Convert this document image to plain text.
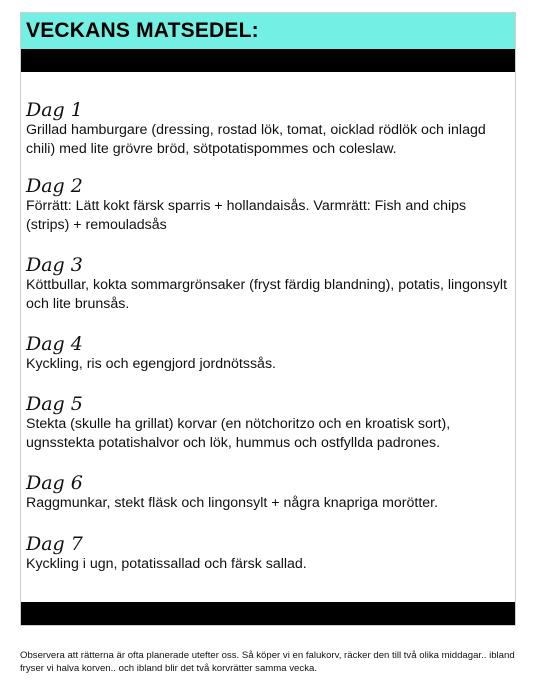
VECKANS MATSEDEL:
Dag 1
Grillad hamburgare (dressing, rostad lök, tomat, oicklad rödlök och inlagd chili) med lite grövre bröd, sötpotatispommes och coleslaw.
Dag 2
Förrätt: Lätt kokt färsk sparris + hollandaisås. Varmrätt: Fish and chips (strips) + remouladsås
Dag 3
Köttbullar, kokta sommargrönsaker (fryst färdig blandning), potatis, lingonsylt och lite brunsås.
Dag 4
Kyckling, ris och egengjord jordnötssås.
Dag 5
Stekta (skulle ha grillat) korvar (en nötchoritzo och en kroatisk sort), ugnsstekta potatishalvor och lök, hummus och ostfyllda padrones.
Dag 6
Raggmunkar, stekt fläsk och lingonsylt + några knapriga morötter.
Dag 7
Kyckling i ugn, potatissallad och färsk sallad.
Observera att rätterna är ofta planerade utefter oss. Så köper vi en falukorv, räcker den till två olika middagar.. ibland fryser vi halva korven.. och ibland blir det två korvrätter samma vecka.
